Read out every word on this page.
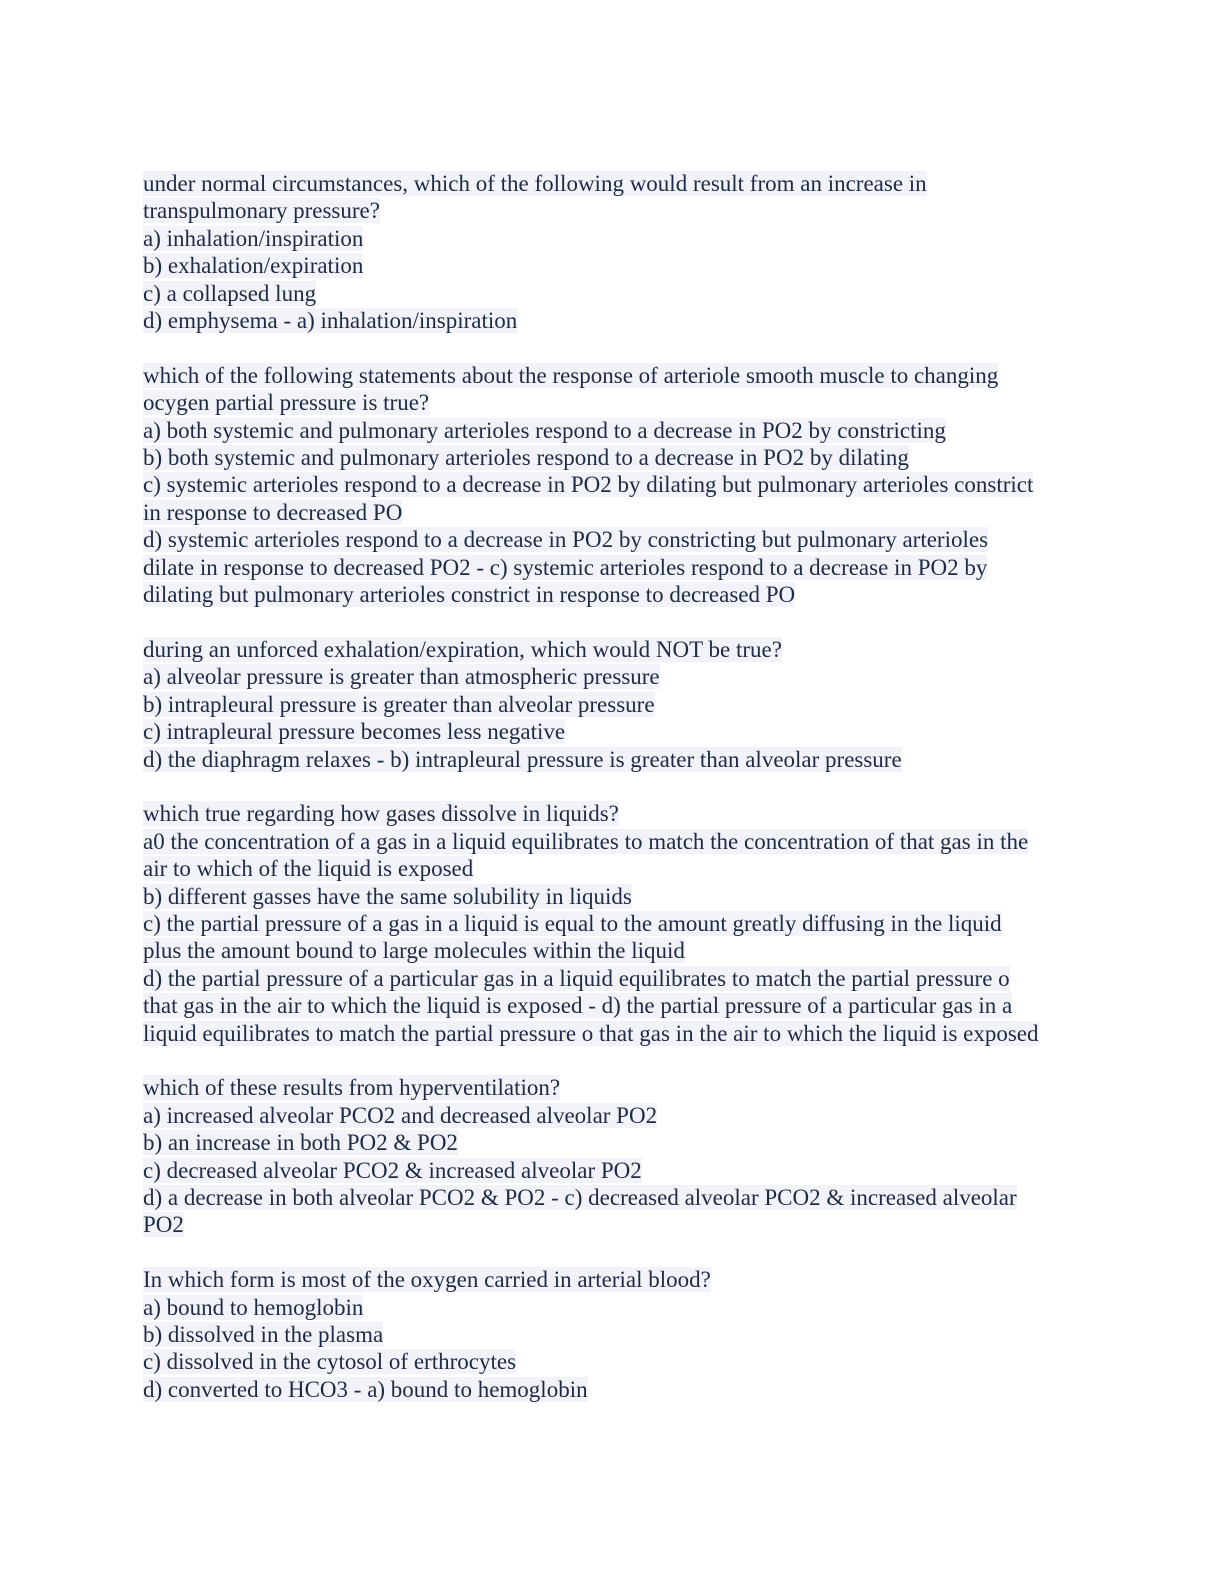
under normal circumstances, which of the following would result from an increase in
transpulmonary pressure?
a) inhalation/inspiration
b) exhalation/expiration
c) a collapsed lung
d) emphysema - a) inhalation/inspiration
which of the following statements about the response of arteriole smooth muscle to changing
ocygen partial pressure is true?
a) both systemic and pulmonary arterioles respond to a decrease in PO2 by constricting
b) both systemic and pulmonary arterioles respond to a decrease in PO2 by dilating
c) systemic arterioles respond to a decrease in PO2 by dilating but pulmonary arterioles constrict
in response to decreased PO
d) systemic arterioles respond to a decrease in PO2 by constricting but pulmonary arterioles
dilate in response to decreased PO2 - c) systemic arterioles respond to a decrease in PO2 by
dilating but pulmonary arterioles constrict in response to decreased PO
during an unforced exhalation/expiration, which would NOT be true?
a) alveolar pressure is greater than atmospheric pressure
b) intrapleural pressure is greater than alveolar pressure
c) intrapleural pressure becomes less negative
d) the diaphragm relaxes - b) intrapleural pressure is greater than alveolar pressure
which true regarding how gases dissolve in liquids?
a0 the concentration of a gas in a liquid equilibrates to match the concentration of that gas in the
air to which of the liquid is exposed
b) different gasses have the same solubility in liquids
c) the partial pressure of a gas in a liquid is equal to the amount greatly diffusing in the liquid
plus the amount bound to large molecules within the liquid
d) the partial pressure of a particular gas in a liquid equilibrates to match the partial pressure o
that gas in the air to which the liquid is exposed - d) the partial pressure of a particular gas in a
liquid equilibrates to match the partial pressure o that gas in the air to which the liquid is exposed
which of these results from hyperventilation?
a) increased alveolar PCO2 and decreased alveolar PO2
b) an increase in both PO2 & PO2
c) decreased alveolar PCO2 & increased alveolar PO2
d) a decrease in both alveolar PCO2 & PO2 - c) decreased alveolar PCO2 & increased alveolar
PO2
In which form is most of the oxygen carried in arterial blood?
a) bound to hemoglobin
b) dissolved in the plasma
c) dissolved in the cytosol of erthrocytes
d) converted to HCO3 - a) bound to hemoglobin
